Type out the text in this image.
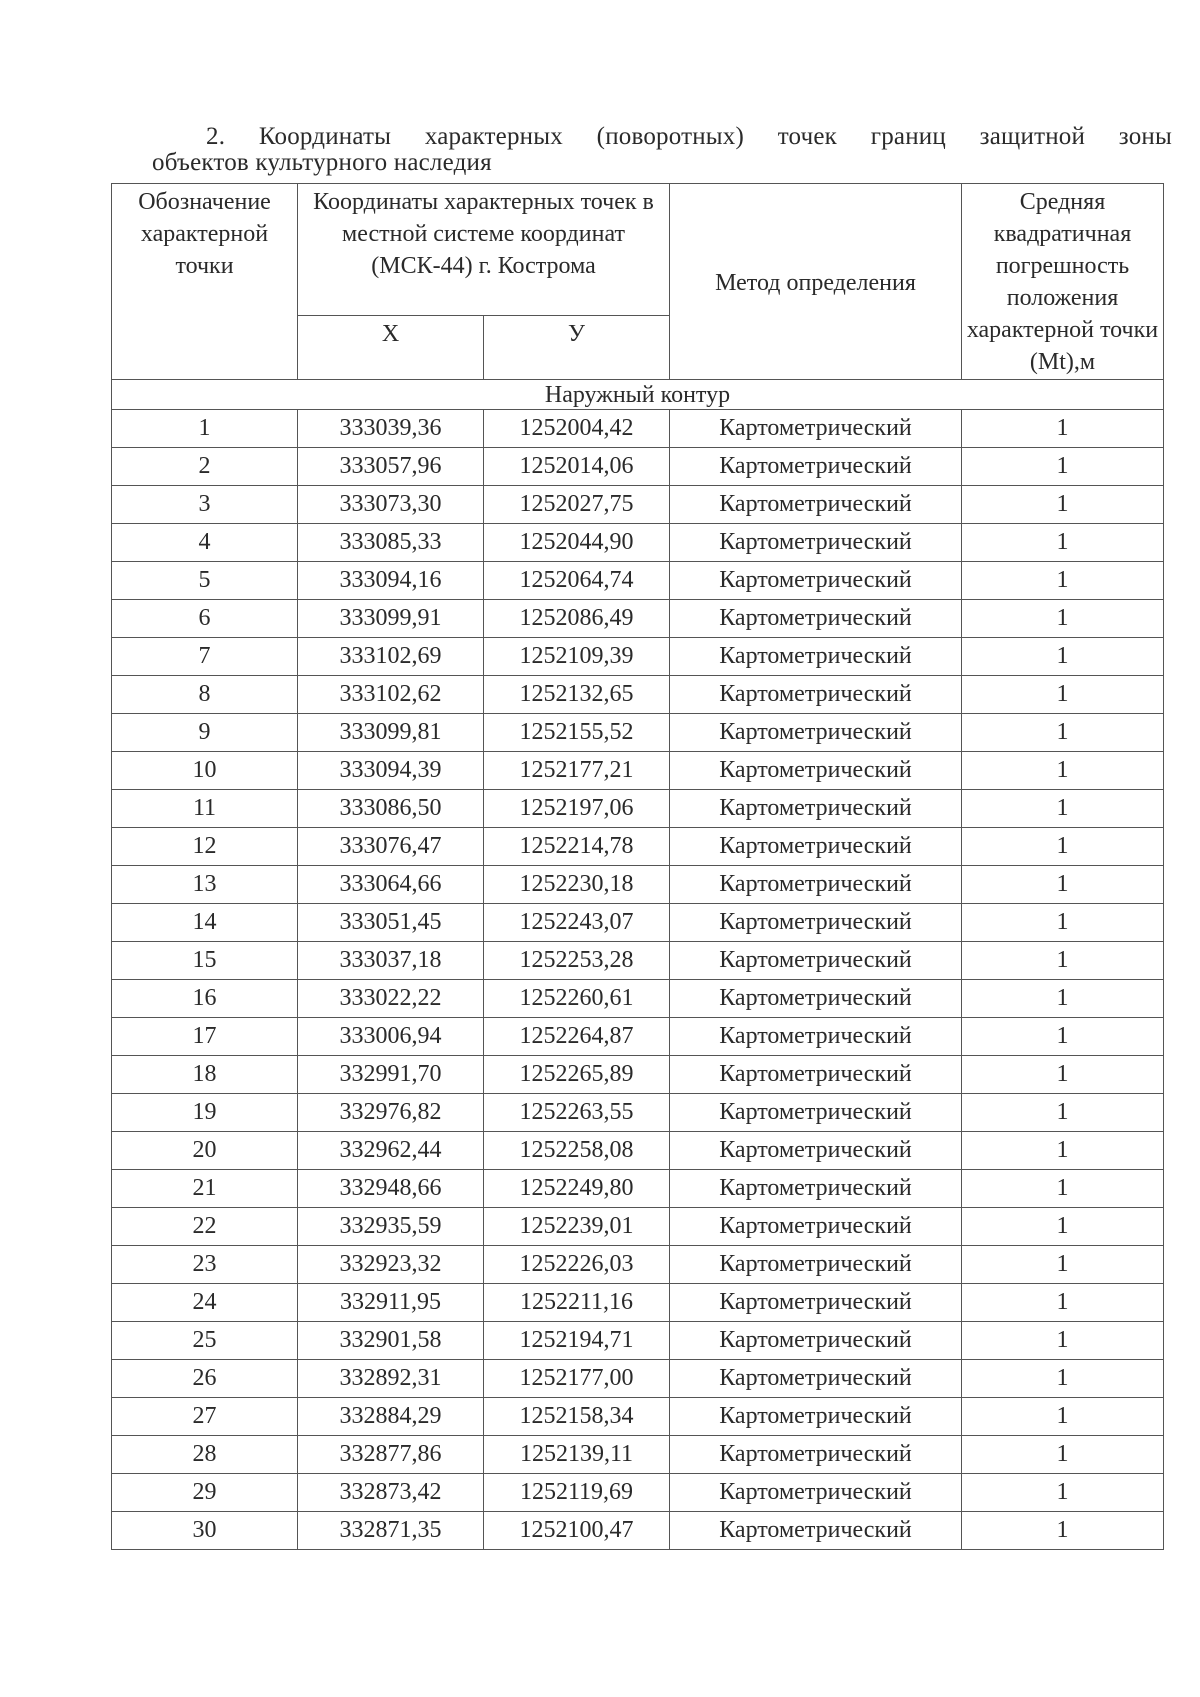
2. Координаты характерных (поворотных) точек границ защитной зоны
объектов культурного наследия
Обозначение характерной точки	Координаты характерных точек в местной системе координат (МСК-44) г. Кострома		Метод определения	Средняя квадратичная погрешность положения характерной точки (Mt),м
	Х	У		
Наружный контур				
1	333039,36	1252004,42	Картометрический	1
2	333057,96	1252014,06	Картометрический	1
3	333073,30	1252027,75	Картометрический	1
4	333085,33	1252044,90	Картометрический	1
5	333094,16	1252064,74	Картометрический	1
6	333099,91	1252086,49	Картометрический	1
7	333102,69	1252109,39	Картометрический	1
8	333102,62	1252132,65	Картометрический	1
9	333099,81	1252155,52	Картометрический	1
10	333094,39	1252177,21	Картометрический	1
11	333086,50	1252197,06	Картометрический	1
12	333076,47	1252214,78	Картометрический	1
13	333064,66	1252230,18	Картометрический	1
14	333051,45	1252243,07	Картометрический	1
15	333037,18	1252253,28	Картометрический	1
16	333022,22	1252260,61	Картометрический	1
17	333006,94	1252264,87	Картометрический	1
18	332991,70	1252265,89	Картометрический	1
19	332976,82	1252263,55	Картометрический	1
20	332962,44	1252258,08	Картометрический	1
21	332948,66	1252249,80	Картометрический	1
22	332935,59	1252239,01	Картометрический	1
23	332923,32	1252226,03	Картометрический	1
24	332911,95	1252211,16	Картометрический	1
25	332901,58	1252194,71	Картометрический	1
26	332892,31	1252177,00	Картометрический	1
27	332884,29	1252158,34	Картометрический	1
28	332877,86	1252139,11	Картометрический	1
29	332873,42	1252119,69	Картометрический	1
30	332871,35	1252100,47	Картометрический	1
